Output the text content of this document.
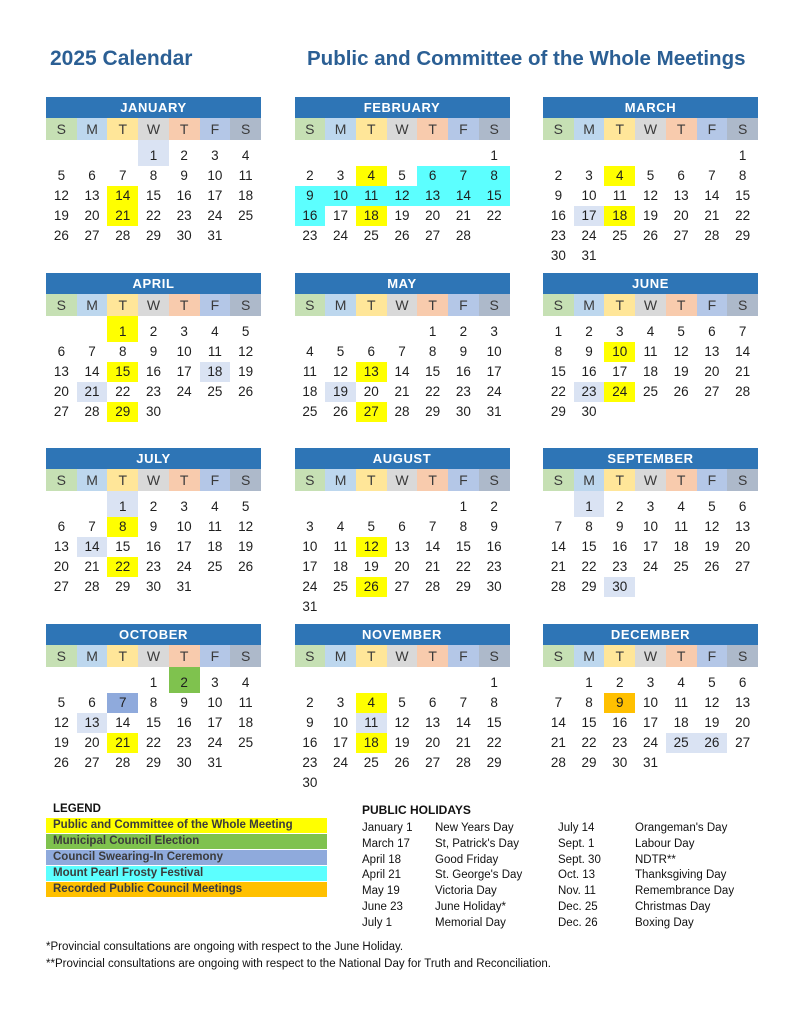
2025 Calendar	Public and Committee of the Whole Meetings
JANUARY						
S	M	T	W	T	F	S
			1	2	3	4
5	6	7	8	9	10	11
12	13	14	15	16	17	18
19	20	21	22	23	24	25
26	27	28	29	30	31	
FEBRUARY						
S	M	T	W	T	F	S
						1
2	3	4	5	6	7	8
9	10	11	12	13	14	15
16	17	18	19	20	21	22
23	24	25	26	27	28	
MARCH						
S	M	T	W	T	F	S
						1
2	3	4	5	6	7	8
9	10	11	12	13	14	15
16	17	18	19	20	21	22
23	24	25	26	27	28	29
30	31					
APRIL						
S	M	T	W	T	F	S
		1	2	3	4	5
6	7	8	9	10	11	12
13	14	15	16	17	18	19
20	21	22	23	24	25	26
27	28	29	30			
MAY						
S	M	T	W	T	F	S
				1	2	3
4	5	6	7	8	9	10
11	12	13	14	15	16	17
18	19	20	21	22	23	24
25	26	27	28	29	30	31
JUNE						
S	M	T	W	T	F	S
1	2	3	4	5	6	7
8	9	10	11	12	13	14
15	16	17	18	19	20	21
22	23	24	25	26	27	28
29	30					
JULY						
S	M	T	W	T	F	S
		1	2	3	4	5
6	7	8	9	10	11	12
13	14	15	16	17	18	19
20	21	22	23	24	25	26
27	28	29	30	31		
AUGUST						
S	M	T	W	T	F	S
					1	2
3	4	5	6	7	8	9
10	11	12	13	14	15	16
17	18	19	20	21	22	23
24	25	26	27	28	29	30
31						
SEPTEMBER						
S	M	T	W	T	F	S
	1	2	3	4	5	6
7	8	9	10	11	12	13
14	15	16	17	18	19	20
21	22	23	24	25	26	27
28	29	30				
OCTOBER						
S	M	T	W	T	F	S
			1	2	3	4
5	6	7	8	9	10	11
12	13	14	15	16	17	18
19	20	21	22	23	24	25
26	27	28	29	30	31	
NOVEMBER						
S	M	T	W	T	F	S
						1
2	3	4	5	6	7	8
9	10	11	12	13	14	15
16	17	18	19	20	21	22
23	24	25	26	27	28	29
30						
DECEMBER						
S	M	T	W	T	F	S
	1	2	3	4	5	6
7	8	9	10	11	12	13
14	15	16	17	18	19	20
21	22	23	24	25	26	27
28	29	30	31			
LEGEND
Public and Committee of the Whole Meeting
Municipal Council Election
Council Swearing-In Ceremony
Mount Pearl Frosty Festival
Recorded Public Council Meetings
PUBLIC HOLIDAYS
January 1	New Years Day	July 14	Orangeman's Day
March 17	St, Patrick's Day	Sept. 1	Labour Day
April 18	Good Friday	Sept. 30	NDTR**
April 21	St. George's Day	Oct. 13	Thanksgiving Day
May 19	Victoria Day	Nov. 11	Remembrance Day
June 23	June Holiday*	Dec. 25	Christmas Day
July 1	Memorial Day	Dec. 26	Boxing Day

*Provincial consultations are ongoing with respect to the June Holiday.

**Provincial consultations are ongoing with respect to the National Day for Truth and Reconciliation.
